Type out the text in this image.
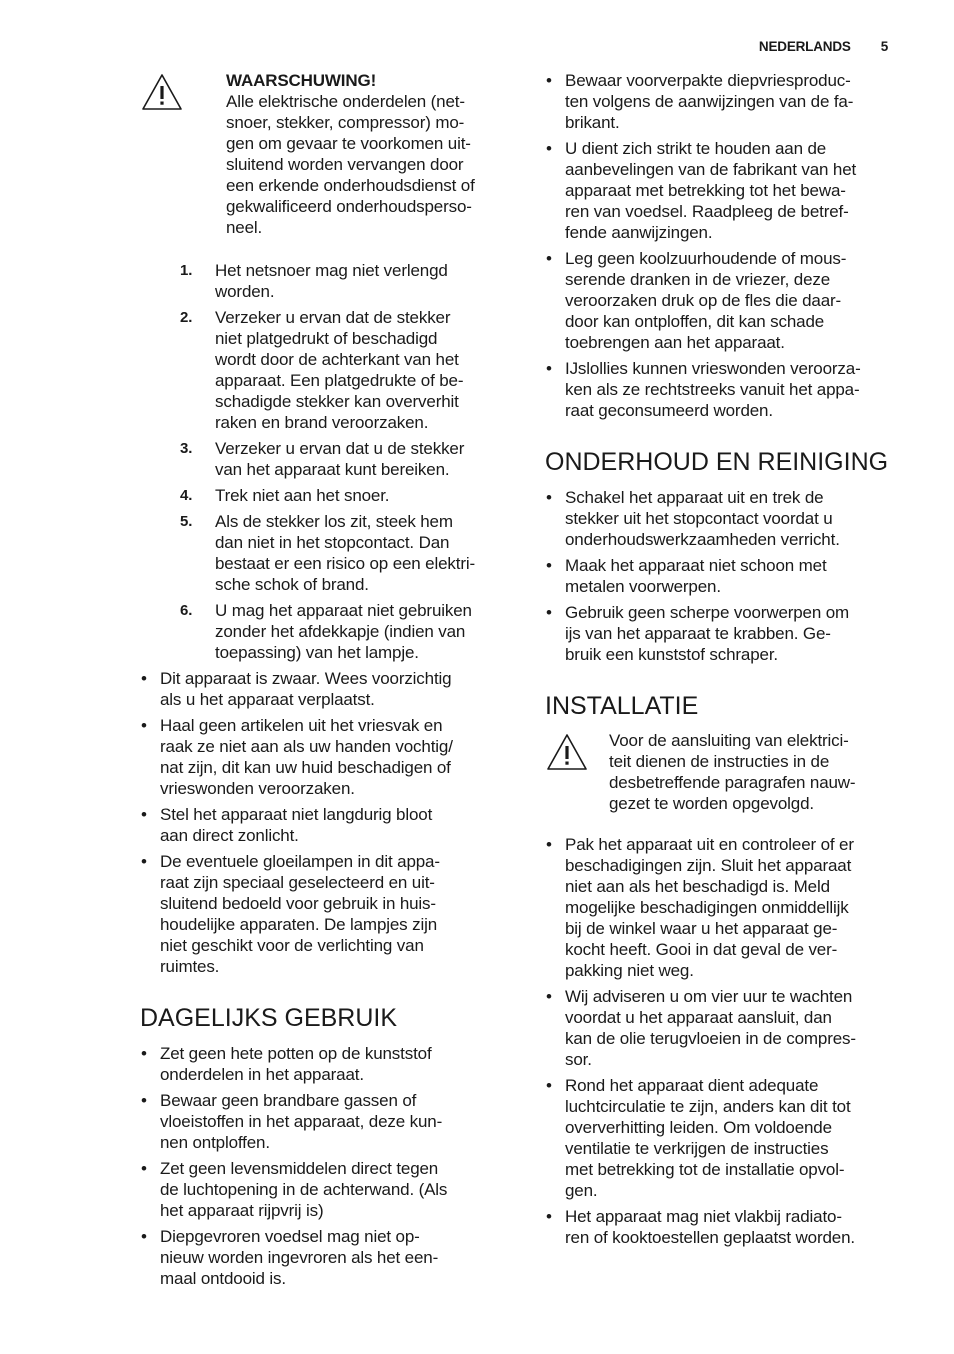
NEDERLANDS 5
WAARSCHUWING!
Alle elektrische onderdelen (net-
snoer, stekker, compressor) mo-
gen om gevaar te voorkomen uit-
sluitend worden vervangen door
een erkende onderhoudsdienst of
gekwalificeerd onderhoudsperso-
neel.
1. Het netsnoer mag niet verlengd
worden.
2. Verzeker u ervan dat de stekker
niet platgedrukt of beschadigd
wordt door de achterkant van het
apparaat. Een platgedrukte of be-
schadigde stekker kan oververhit
raken en brand veroorzaken.
3. Verzeker u ervan dat u de stekker
van het apparaat kunt bereiken.
4. Trek niet aan het snoer.
5. Als de stekker los zit, steek hem
dan niet in het stopcontact. Dan
bestaat er een risico op een elektri-
sche schok of brand.
6. U mag het apparaat niet gebruiken
zonder het afdekkapje (indien van
toepassing) van het lampje.
• Dit apparaat is zwaar. Wees voorzichtig
als u het apparaat verplaatst.
• Haal geen artikelen uit het vriesvak en
raak ze niet aan als uw handen vochtig/
nat zijn, dit kan uw huid beschadigen of
vrieswonden veroorzaken.
• Stel het apparaat niet langdurig bloot
aan direct zonlicht.
• De eventuele gloeilampen in dit appa-
raat zijn speciaal geselecteerd en uit-
sluitend bedoeld voor gebruik in huis-
houdelijke apparaten. De lampjes zijn
niet geschikt voor de verlichting van
ruimtes.
DAGELIJKS GEBRUIK
• Zet geen hete potten op de kunststof
onderdelen in het apparaat.
• Bewaar geen brandbare gassen of
vloeistoffen in het apparaat, deze kun-
nen ontploffen.
• Zet geen levensmiddelen direct tegen
de luchtopening in de achterwand. (Als
het apparaat rijpvrij is)
• Diepgevroren voedsel mag niet op-
nieuw worden ingevroren als het een-
maal ontdooid is.
• Bewaar voorverpakte diepvriesproduc-
ten volgens de aanwijzingen van de fa-
brikant.
• U dient zich strikt te houden aan de
aanbevelingen van de fabrikant van het
apparaat met betrekking tot het bewa-
ren van voedsel. Raadpleeg de betref-
fende aanwijzingen.
• Leg geen koolzuurhoudende of mous-
serende dranken in de vriezer, deze
veroorzaken druk op de fles die daar-
door kan ontploffen, dit kan schade
toebrengen aan het apparaat.
• IJslollies kunnen vrieswonden veroorza-
ken als ze rechtstreeks vanuit het appa-
raat geconsumeerd worden.
ONDERHOUD EN REINIGING
• Schakel het apparaat uit en trek de
stekker uit het stopcontact voordat u
onderhoudswerkzaamheden verricht.
• Maak het apparaat niet schoon met
metalen voorwerpen.
• Gebruik geen scherpe voorwerpen om
ijs van het apparaat te krabben. Ge-
bruik een kunststof schraper.
INSTALLATIE
Voor de aansluiting van elektrici-
teit dienen de instructies in de
desbetreffende paragrafen nauw-
gezet te worden opgevolgd.
• Pak het apparaat uit en controleer of er
beschadigingen zijn. Sluit het apparaat
niet aan als het beschadigd is. Meld
mogelijke beschadigingen onmiddellijk
bij de winkel waar u het apparaat ge-
kocht heeft. Gooi in dat geval de ver-
pakking niet weg.
• Wij adviseren u om vier uur te wachten
voordat u het apparaat aansluit, dan
kan de olie terugvloeien in de compres-
sor.
• Rond het apparaat dient adequate
luchtcirculatie te zijn, anders kan dit tot
oververhitting leiden. Om voldoende
ventilatie te verkrijgen de instructies
met betrekking tot de installatie opvol-
gen.
• Het apparaat mag niet vlakbij radiato-
ren of kooktoestellen geplaatst worden.
